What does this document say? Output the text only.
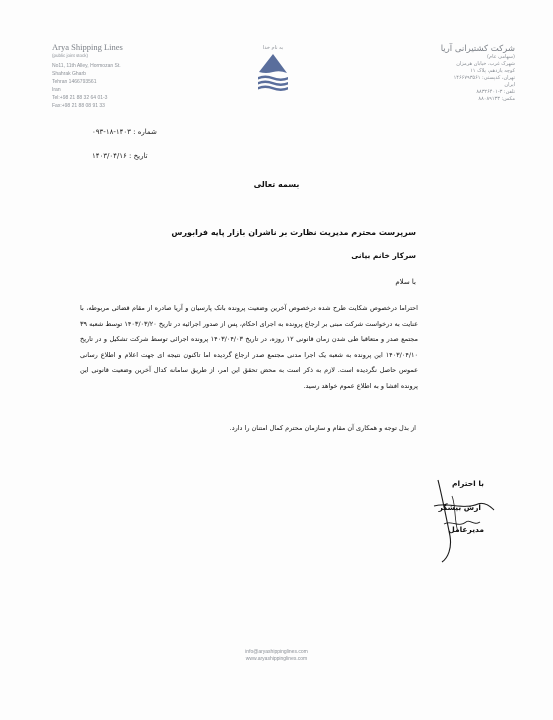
Arya Shipping Lines
(public joint stock)
No11, 11th Alley, Hormozan St.
Shahrak Gharb
Tehran 1466793561
Iran
Tel:+98 21 88 32 64 01-3
Fax:+98 21 88 08 91 33
به نام خدا	شرکت کشتیرانی آریا
(سهامی عام)
شهرک غرب، خیابان هرمزان
کوچه یازدهم، پلاک ۱۱
تهران، کدپستی: ۱۴۶۶۷۹۳۵۶۱
ایران
تلفن: ۳-۸۸۳۲۶۴۰۱
مکس: ۸۸۰۸۹۱۳۳
شماره : ۱۴۰۳-۱۸-۰۹۳
تاریخ : ۱۴۰۳/۰۴/۱۶
بسمه تعالی
سرپرست محترم مدیریت نظارت بر ناشران بازار پایه فرابورس
سرکار خانم بیانی
با سلام
احتراما درخصوص شکایت طرح شده درخصوص آخرین وضعیت پرونده بانک پارسیان و آریا صادره از مقام قضائی مربوطه، با عنایت به درخواست شرکت مبنی بر ارجاع پرونده به اجرای احکام، پس از صدور اجرائیه در تاریخ ۱۴۰۳/۰۳/۲۰ توسط شعبه ۳۹ مجتمع صدر و متعاقبا طی شدن زمان قانونی ۱۲ روزه، در تاریخ ۱۴۰۳/۰۴/۰۳ پرونده اجرائی توسط شرکت تشکیل و در تاریخ ۱۴۰۳/۰۴/۱۰ این پرونده به شعبه یک اجرا مدنی مجتمع صدر ارجاع گردیده اما تاکنون نتیجه ای جهت اعلام و اطلاع رسانی عموس حاصل نگردیده است. لازم به ذکر است به محض تحقق این امر، از طریق سامانه کدال آخرین وضعیت قانونی این پرونده افشا و به اطلاع عموم خواهد رسید.
از بذل توجه و همکاری آن مقام و سازمان محترم کمال امتنان را دارد.
با احترام
آرش بیشگر
مدیرعامل
info@aryashippinglines.com
www.aryashippinglines.com
